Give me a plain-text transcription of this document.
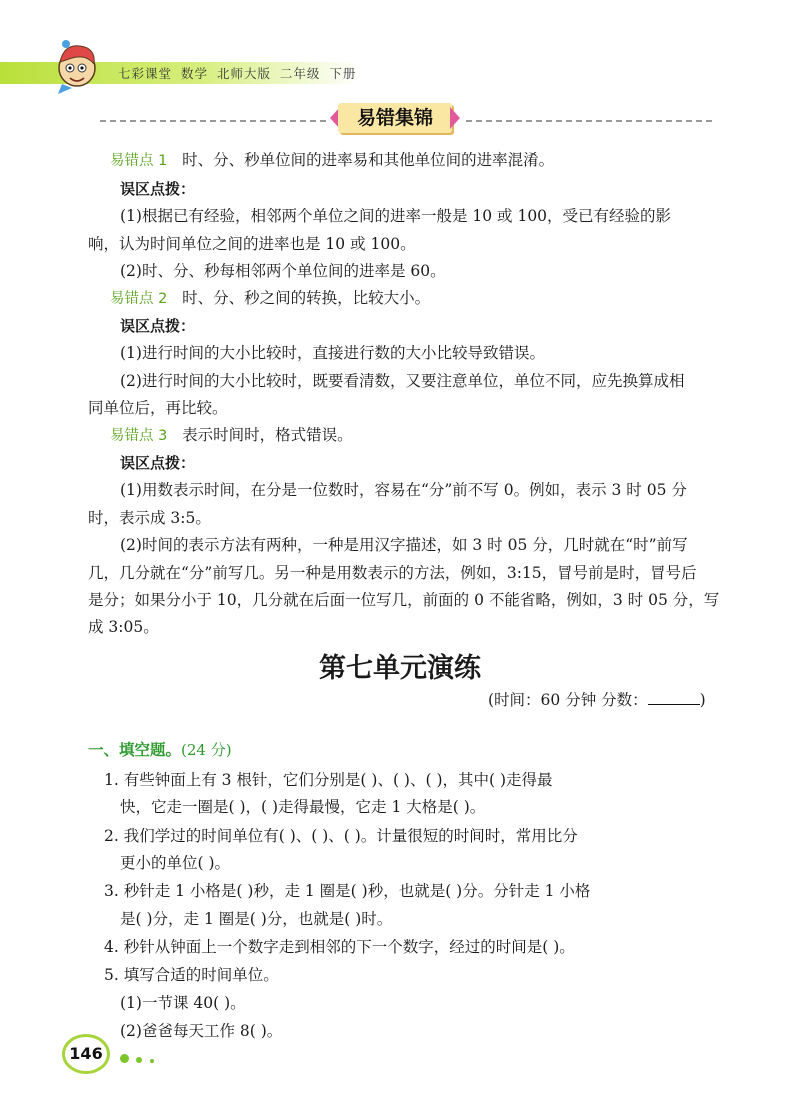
七彩课堂 数学 北师大版 二年级 下册
易错集锦
易错点 1 时、分、秒单位间的进率易和其他单位间的进率混淆。
误区点拨：
(1)根据已有经验，相邻两个单位之间的进率一般是 10 或 100，受已有经验的影
响，认为时间单位之间的进率也是 10 或 100。
(2)时、分、秒每相邻两个单位间的进率是 60。
易错点 2 时、分、秒之间的转换，比较大小。
误区点拨：
(1)进行时间的大小比较时，直接进行数的大小比较导致错误。
(2)进行时间的大小比较时，既要看清数，又要注意单位，单位不同，应先换算成相
同单位后，再比较。
易错点 3 表示时间时，格式错误。
误区点拨：
(1)用数表示时间，在分是一位数时，容易在“分”前不写 0。例如，表示 3 时 05 分
时，表示成 3:5。
(2)时间的表示方法有两种，一种是用汉字描述，如 3 时 05 分，几时就在“时”前写
几，几分就在“分”前写几。另一种是用数表示的方法，例如，3:15，冒号前是时，冒号后
是分；如果分小于 10，几分就在后面一位写几，前面的 0 不能省略，例如，3 时 05 分，写
成 3:05。
第七单元演练
(时间：60 分钟 分数：	)
一、填空题。(24 分)
1. 有些钟面上有 3 根针，它们分别是( )、( )、( )，其中( )走得最
快，它走一圈是( )，( )走得最慢，它走 1 大格是( )。
2. 我们学过的时间单位有( )、( )、( )。计量很短的时间时，常用比分
更小的单位( )。
3. 秒针走 1 小格是( )秒，走 1 圈是( )秒，也就是( )分。分针走 1 小格
是( )分，走 1 圈是( )分，也就是( )时。
4. 秒针从钟面上一个数字走到相邻的下一个数字，经过的时间是( )。
5. 填写合适的时间单位。
(1)一节课 40( )。
(2)爸爸每天工作 8( )。
146
